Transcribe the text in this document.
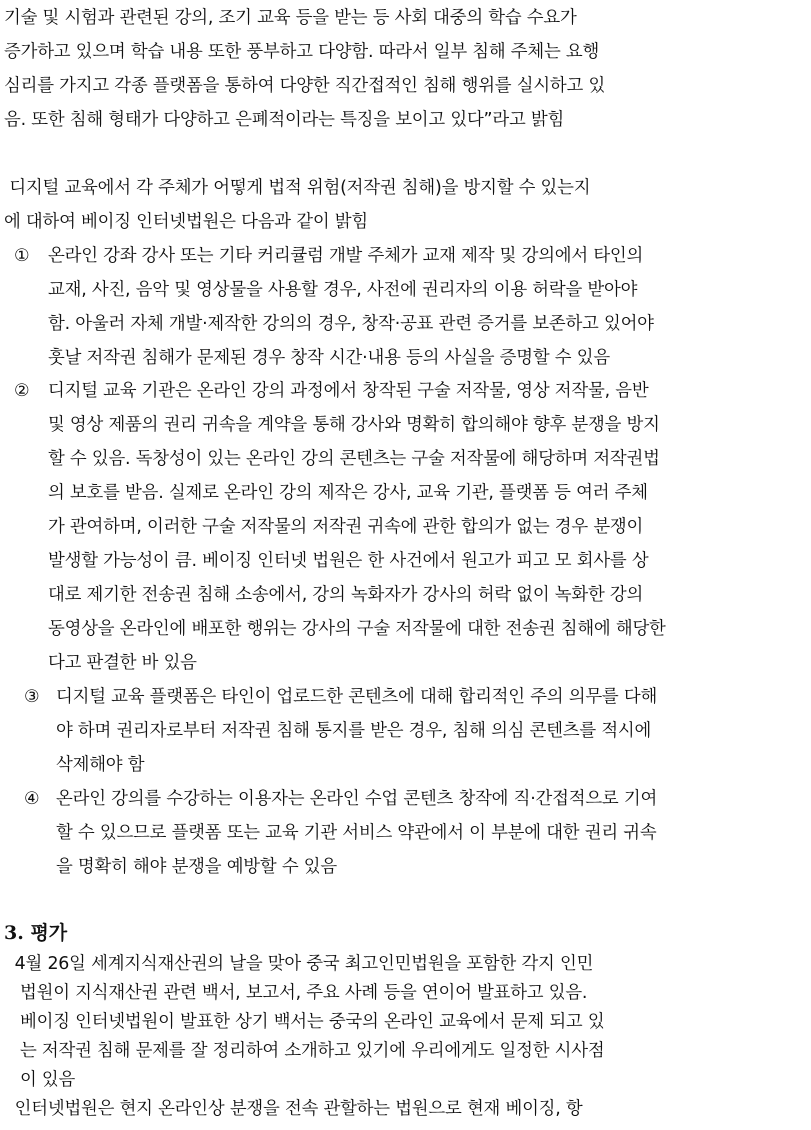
기술 및 시험과 관련된 강의, 조기 교육 등을 받는 등 사회 대중의 학습 수요가
증가하고 있으며 학습 내용 또한 풍부하고 다양함. 따라서 일부 침해 주체는 요행
심리를 가지고 각종 플랫폼을 통하여 다양한 직간접적인 침해 행위를 실시하고 있
음. 또한 침해 형태가 다양하고 은폐적이라는 특징을 보이고 있다”라고 밝힘
디지털 교육에서 각 주체가 어떻게 법적 위험(저작권 침해)을 방지할 수 있는지
에 대하여 베이징 인터넷법원은 다음과 같이 밝힘
① 온라인 강좌 강사 또는 기타 커리큘럼 개발 주체가 교재 제작 및 강의에서 타인의
교재, 사진, 음악 및 영상물을 사용할 경우, 사전에 권리자의 이용 허락을 받아야
함. 아울러 자체 개발·제작한 강의의 경우, 창작·공표 관련 증거를 보존하고 있어야
훗날 저작권 침해가 문제된 경우 창작 시간·내용 등의 사실을 증명할 수 있음
② 디지털 교육 기관은 온라인 강의 과정에서 창작된 구술 저작물, 영상 저작물, 음반
및 영상 제품의 권리 귀속을 계약을 통해 강사와 명확히 합의해야 향후 분쟁을 방지
할 수 있음. 독창성이 있는 온라인 강의 콘텐츠는 구술 저작물에 해당하며 저작권법
의 보호를 받음. 실제로 온라인 강의 제작은 강사, 교육 기관, 플랫폼 등 여러 주체
가 관여하며, 이러한 구술 저작물의 저작권 귀속에 관한 합의가 없는 경우 분쟁이
발생할 가능성이 큼. 베이징 인터넷 법원은 한 사건에서 원고가 피고 모 회사를 상
대로 제기한 전송권 침해 소송에서, 강의 녹화자가 강사의 허락 없이 녹화한 강의
동영상을 온라인에 배포한 행위는 강사의 구술 저작물에 대한 전송권 침해에 해당한
다고 판결한 바 있음
③ 디지털 교육 플랫폼은 타인이 업로드한 콘텐츠에 대해 합리적인 주의 의무를 다해
야 하며 권리자로부터 저작권 침해 통지를 받은 경우, 침해 의심 콘텐츠를 적시에
삭제해야 함
④ 온라인 강의를 수강하는 이용자는 온라인 수업 콘텐츠 창작에 직·간접적으로 기여
할 수 있으므로 플랫폼 또는 교육 기관 서비스 약관에서 이 부분에 대한 권리 귀속
을 명확히 해야 분쟁을 예방할 수 있음
3. 평가
4월 26일 세계지식재산권의 날을 맞아 중국 최고인민법원을 포함한 각지 인민
법원이 지식재산권 관련 백서, 보고서, 주요 사례 등을 연이어 발표하고 있음.
베이징 인터넷법원이 발표한 상기 백서는 중국의 온라인 교육에서 문제 되고 있
는 저작권 침해 문제를 잘 정리하여 소개하고 있기에 우리에게도 일정한 시사점
이 있음
인터넷법원은 현지 온라인상 분쟁을 전속 관할하는 법원으로 현재 베이징, 항
